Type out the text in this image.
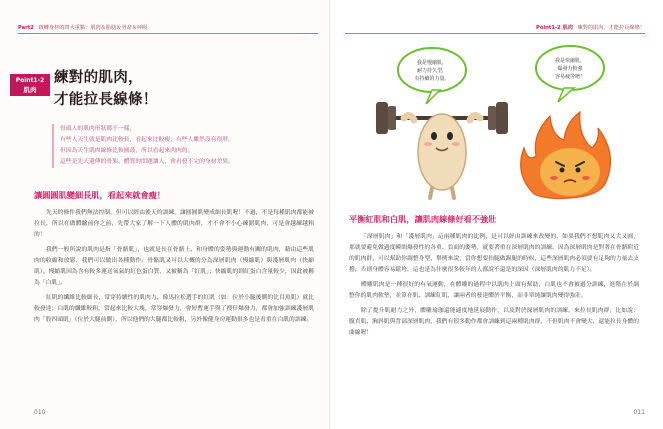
Part2 啟轉身材的四大重點：肌肉＆脂肪＆骨盆＆呼吸
Point1-2
肌肉
練對的肌肉，
才能拉長線條！
骨頭人的肌肉形狀都不一樣，
有些人天生就是肌肉比較長，看起來比較瘦；有些人雖然沒有很胖，
但因為天生肌肉線條比較圓鼓，所以看起來肉肉的。
這些是先天遺傳的骨架、體質的問題讓人，會看發不完的身材差異。
讓圓圓肌變細長肌，看起來就會瘦！

先天的條件我們無法控制，但可以經由後天的訓練，讓圓圓肌變成細長肌喔！不過，不是每種肌肉都能被拉長，所以在做體驗前你之前，先帶大家了解一下人體的肌肉群，才不會不小心練錯肌肉，可是會越練越粗的！

我們一般所說的肌肉是指「骨骼肌」，也就是長在骨骼上、和身體的姿勢與運動有關的肌肉，藉由這些肌肉的收縮和放鬆，我們可以做出各種動作。骨骼肌又可以大概的分為深層肌肉（慢縮肌）與淺層肌肉（快縮肌）。慢縮肌因為含有較多運送氧氣的紅色蛋白質，又被稱為「紅肌」；快縮肌的則紅蛋白含量較少，因此被稱為「白肌」。

紅肌的纖維比較細長，常穿持續性的肌肉力，像馬拉松選手的紅肌（如：位於小腿後側的比目魚肌）就比較發達；白肌的纖維較粗，常起來比較大塊，常穿爆發力，會短暫運手與了搜什爆發力，都會加強訓練淺層肌肉「股四頭肌」（位於大腿前側），所以他們的大腿都比較粗，另外像健身房運動很多也是看重在白肌的訓練。

010
Point1-2 肌肉 練對的肌肉，才能拉長線條！
平衡紅肌和白肌，讓肌肉線條好看不強壯

「深層肌肉」和「淺層肌肉」這兩種肌肉的比例，是可以經由訓練來改變的，如果我們不想肌肉又大又圓，那就要避免做過度瞬間爆發性的各重、負面的姿勢，就要著重在深層肌肉的訓練。因為深層肌肉是對著在骨骼附近的肌肉群，可以幫助你調整身型，舉例來說，當你想要抬腿做踢腿的時候，這些深層肌肉必須要有足夠的力量去支撐，否則身體容易鬆垮，這也是為什麼很多較年的人都說不還是的深因（深層肌肉的肌力不足）。

體雕肌肉是一種很好的有氧運動，在體雕的過程中以肌肉上頭有幫助，白肌也不會被過分訓練，進階在於調整你的肌肉軟墊，並算在肌、訓練紅肌，讓兩者的發達體於平衡，而非單純讓肌肉變得強壯。

除了提升肌耐力之外，體雕瑜珈還能適度地延展動作，以及對於深層肌肉的訓練，來拉長肌肉群，比如說：腹直肌、胸斜肌與背部深層肌肉，我們有很多動作都會訓練到這兩種肌肉群，不但肌肉不會變大，還能拉長身體的曲線喔！

011
我是慢縮肌，
耐力持久型，
有持續的力量。
我是快縮肌，
爆發力較強
容易疲勞唷！
